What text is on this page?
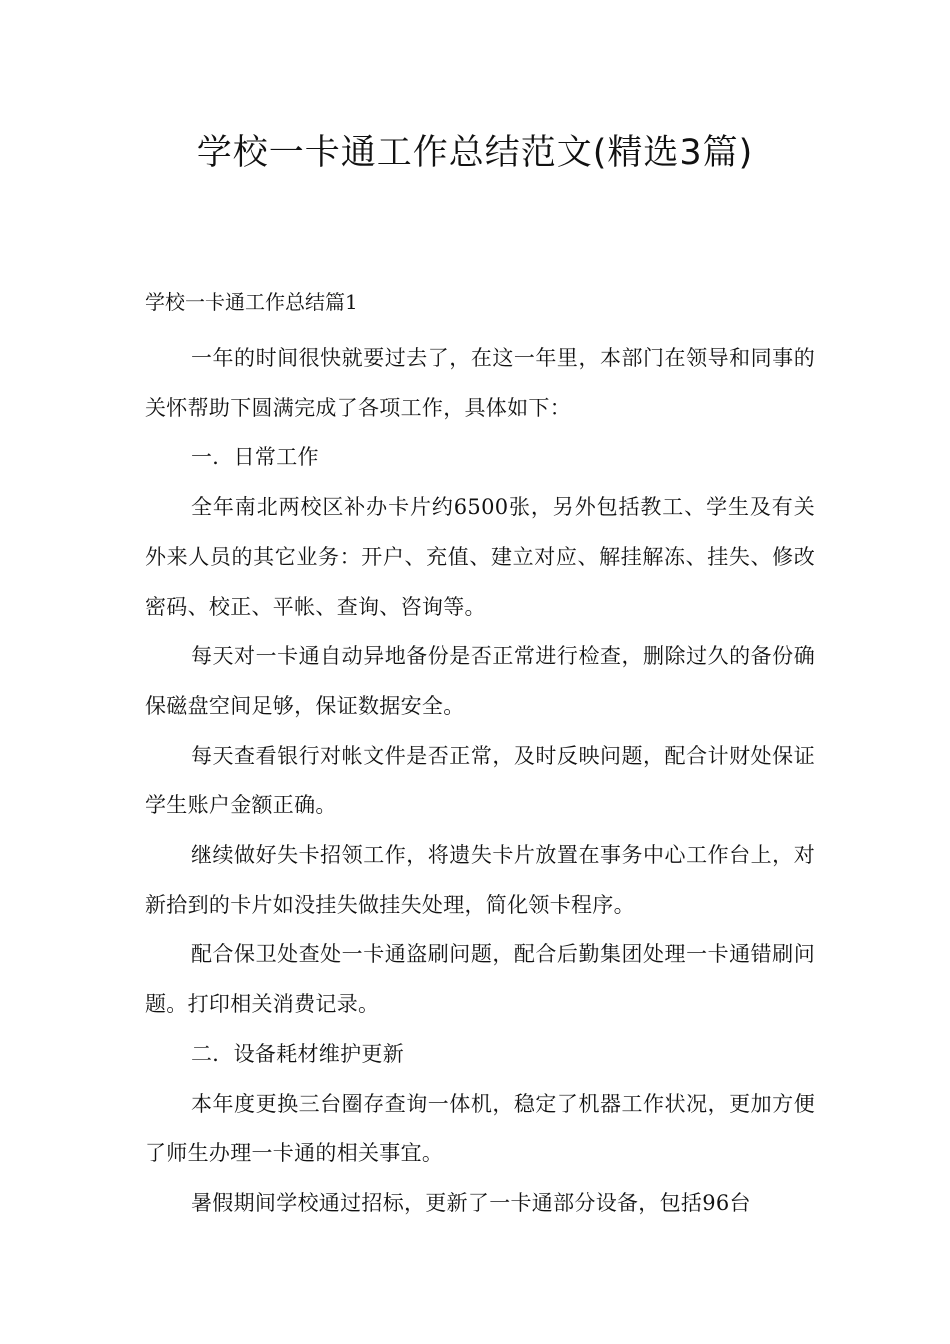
学校一卡通工作总结范文(精选3篇)
学校一卡通工作总结篇1

一年的时间很快就要过去了，在这一年里，本部门在领导和同事的关怀帮助下圆满完成了各项工作，具体如下：

一．日常工作

全年南北两校区补办卡片约6500张，另外包括教工、学生及有关外来人员的其它业务：开户、充值、建立对应、解挂解冻、挂失、修改密码、校正、平帐、查询、咨询等。

每天对一卡通自动异地备份是否正常进行检查，删除过久的备份确保磁盘空间足够，保证数据安全。

每天查看银行对帐文件是否正常，及时反映问题，配合计财处保证学生账户金额正确。

继续做好失卡招领工作，将遗失卡片放置在事务中心工作台上，对新拾到的卡片如没挂失做挂失处理，简化领卡程序。

配合保卫处查处一卡通盗刷问题，配合后勤集团处理一卡通错刷问题。打印相关消费记录。

二．设备耗材维护更新

本年度更换三台圈存查询一体机，稳定了机器工作状况，更加方便了师生办理一卡通的相关事宜。

暑假期间学校通过招标，更新了一卡通部分设备，包括96台
